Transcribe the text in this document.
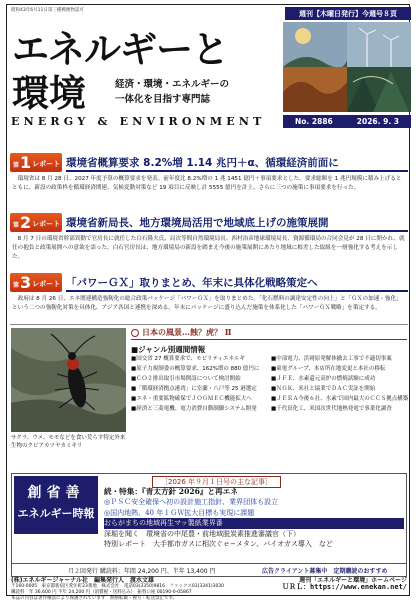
昭和43年6月11日第三種郵便物認可
エネルギーと
環境	経済・環境・エネルギーの
一体化を目指す専門誌
ENERGY & ENVIRONMENT
週刊【木曜日発行】今週号８頁
No. 2886	2026. 9. 3
第 1 レポート 環境省概算要求 8.2%増 1.14 兆円＋α、循環経済前面に

環境省は 8 月 28 日、2027 年度予算の概算要求を発表。前年度比 8.2%増の 1 兆 1451 億円＋事項要求とした。要求総額を 1 兆円規模に積み上げるとともに、新設の政策枠を循環経済関連、気候変動対策など 19 項目に反映し計 5555 億円を計上、さらに三つの施策に事項要求を行った。

第 2 レポート 環境省新局長、地方環境局活用で地域底上げの施策展開

8 月 7 日の環境省幹部異動で官房長に就任した白石隆夫氏、局次等間自然環境局長、西村治彦地球環境局長、資源循環局の合同会見が 28 日に開かれ、就任の抱負と政策展開への意欲を語った。白石官房長は、地方環境局の新設を踏まえ今後の施策展開にあたり地域に根差した取組を一層強化する考えを示した。

第 3 レポート 「パワーＧＸ」取りまとめ、年末に具体化戦略策定へ

政府は 8 月 26 日、エネ関連構造強靭化の総合政策パッケージ「パワーＧＸ」を取りまとめた。「化石燃料の調達安定性の向上」と「ＧＸの加速・強化」という二つの強靭化対策を具体化、アジア各国と連携を深める。年末にパッケージに盛り込んだ施策を体系化した「パワーＧＸ戦略」を策定する。

サクラ、ウメ、モモなどを食い荒らす特定外来生物のクビアカツヤカミキリ
日本の風景…蝕？虎？ Ⅱ
■ジャンル別週間情報
■国交省 27 概算要求で、モビリティエネルギ
■原子力規制委の概算要求、162%増の 880 億円に
■ＣＯ２排出取引市場開設について検討開始
■「循環経済拠点港湾」に室蘭・八戸等 25 港選定
■エネ・重要鉱物確保でＪＯＧＭＥＣ機能拡大へ
■経済と三菱電機、電力消費自動制御システム開発
■中部電力、浜岡原発解体撤去工事で不適切事案
■東電グループ、本店所在地変更と本社の移転
■ＪＦＥ、水素還元高炉の燃焼試験に成功
■ＮＧＫ、米社と協業でＤＡＣ実証を開始
■ＪＥＲＡ今後６社、水素で国内最大のＣＣＳ拠点構築
■千代田化工、米国次世代地熱発電で事業化調査
創省善
エネルギー時報
［2026 年９月１日号の主な記事］
続・特集：『青太方針 2026』と再エネ
◎ＰＳＣ安全確保へ初の設計施工指針、業界団体も設立
◎国内地熱、40 年１ＧＷ拡大目標も実現に課題
おらがまちの地域再生マッ製紙業界番
深堀を聞く　環境省の中尾豊・前地域脱炭素推進審議官（下）
特別レポート　大手都市ガスに相次ぐｅ−メタン、バイオガス導入　など
月２回発行 購読料：年間 24,200 円、半年 13,400 円	広告クライアント募集中　定期購読のおすすめ
(株)エネルギージャーナル社　編集発行人　渡水文雄
〒160-0005　東京都新宿区愛住町23番地　株式会社　電話03(3350)9816　ファックス03(3341)3030
購読料　年 36,600 円 半年 24,200 円（消費税・送料込み）　振替口座 00190-0-05867
本誌の内容は著作権法により保護されています　無断転載・複写・転送禁止です。
週刊「エネルギーと環境」ホームページ
ＵＲＬ：https://www.enekan.net/
